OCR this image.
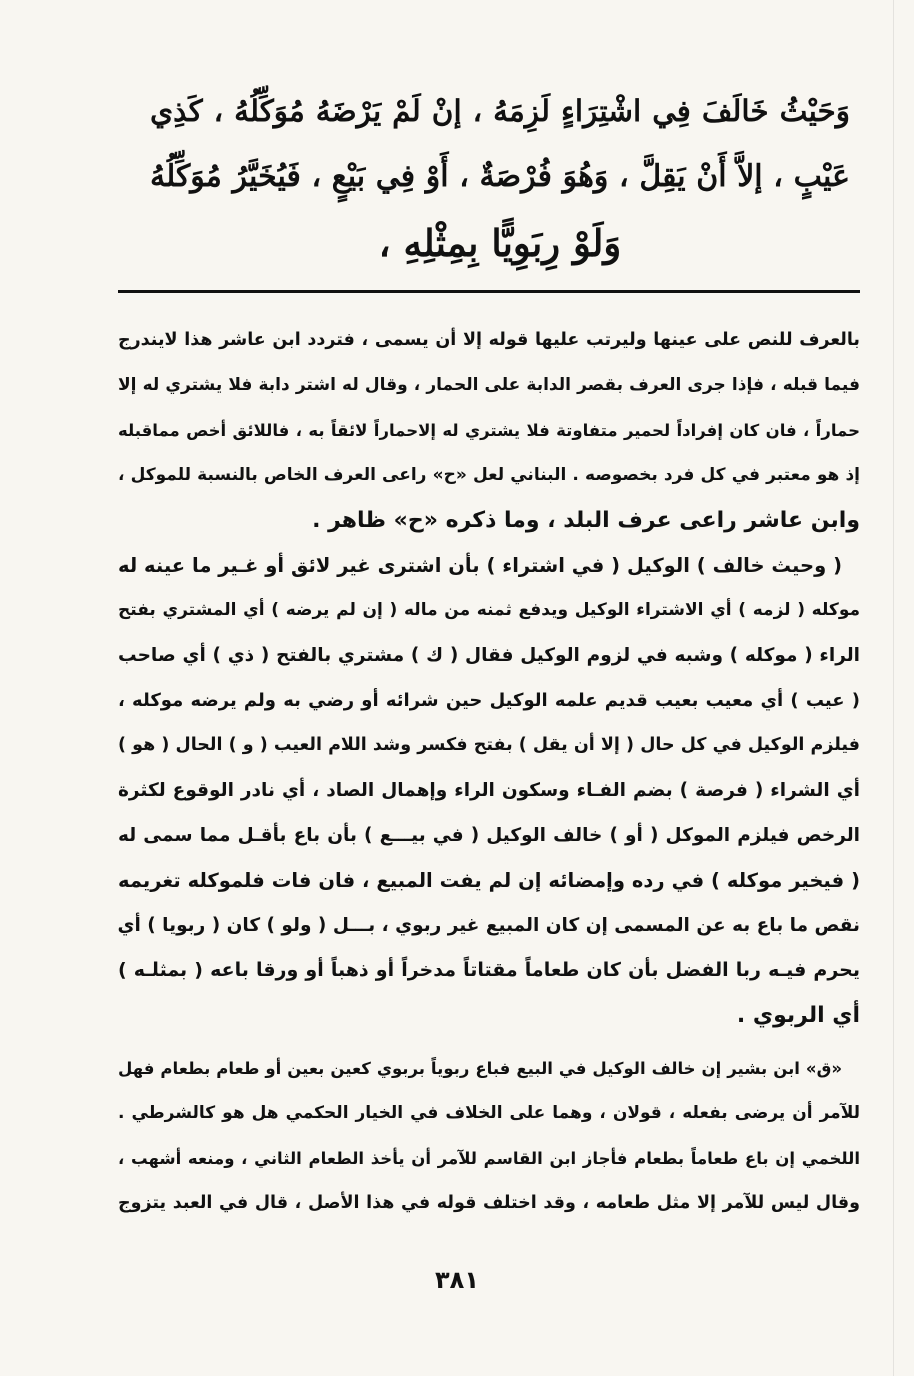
وَحَيْثُ خَالَفَ فِي اشْتِرَاءٍ لَزِمَهُ ، إنْ لَمْ يَرْضَهُ مُوَكِّلُهُ ، كَذِي
عَيْبٍ ، إلاَّ أَنْ يَقِلَّ ، وَهُوَ فُرْصَةٌ ، أَوْ فِي بَيْعٍ ، فَيُخَيَّرُ مُوَكِّلُهُ
وَلَوْ رِبَوِيًّا بِمِثْلِهِ ،
بالعرف للنص على عينها وليرتب عليها قوله إلا أن يسمى ، فتردد ابن عاشر هذا لايندرج
فيما قبله ، فإذا جرى العرف بقصر الدابة على الحمار ، وقال له اشتر دابة فلا يشتري له إلا
حماراً ، فان كان إفراداً لحمير متفاوتة فلا يشتري له إلاحماراً لائقاً به ، فاللائق أخص مماقبله
إذ هو معتبر في كل فرد بخصوصه . البناني لعل «ح» راعى العرف الخاص بالنسبة للموكل ،
وابن عاشر راعى عرف البلد ، وما ذكره «ح» ظاهر .
( وحيث خالف ) الوكيل ( في اشتراء ) بأن اشترى غير لائق أو غـير ما عينه له
موكله ( لزمه ) أي الاشتراء الوكيل ويدفع ثمنه من ماله ( إن لم يرضه ) أي المشتري بفتح
الراء ( موكله ) وشبه في لزوم الوكيل فقال ( ك ) مشتري بالفتح ( ذي ) أي صاحب
( عيب ) أي معيب بعيب قديم علمه الوكيل حين شرائه أو رضي به ولم يرضه موكله ،
فيلزم الوكيل في كل حال ( إلا أن يقل ) بفتح فكسر وشد اللام العيب ( و ) الحال ( هو )
أي الشراء ( فرصة ) بضم الفـاء وسكون الراء وإهمال الصاد ، أي نادر الوقوع لكثرة
الرخص فيلزم الموكل ( أو ) خالف الوكيل ( في بيـــع ) بأن باع بأقـل مما سمى له
( فيخير موكله ) في رده وإمضائه إن لم يفت المبيع ، فان فات فلموكله تغريمه
نقص ما باع به عن المسمى إن كان المبيع غير ربوي ، بـــل ( ولو ) كان ( ربويا ) أي
يحرم فيـه ربا الفضل بأن كان طعاماً مقتاتاً مدخراً أو ذهباً أو ورقا باعه ( بمثلـه )
أي الربوي .
«ق» ابن بشير إن خالف الوكيل في البيع فباع ربوياً بربوي كعين بعين أو طعام بطعام فهل
للآمر أن يرضى بفعله ، قولان ، وهما على الخلاف في الخيار الحكمي هل هو كالشرطي .
اللخمي إن باع طعاماً بطعام فأجاز ابن القاسم للآمر أن يأخذ الطعام الثاني ، ومنعه أشهب ،
وقال ليس للآمر إلا مثل طعامه ، وقد اختلف قوله في هذا الأصل ، قال في العبد يتزوج
٣٨١
